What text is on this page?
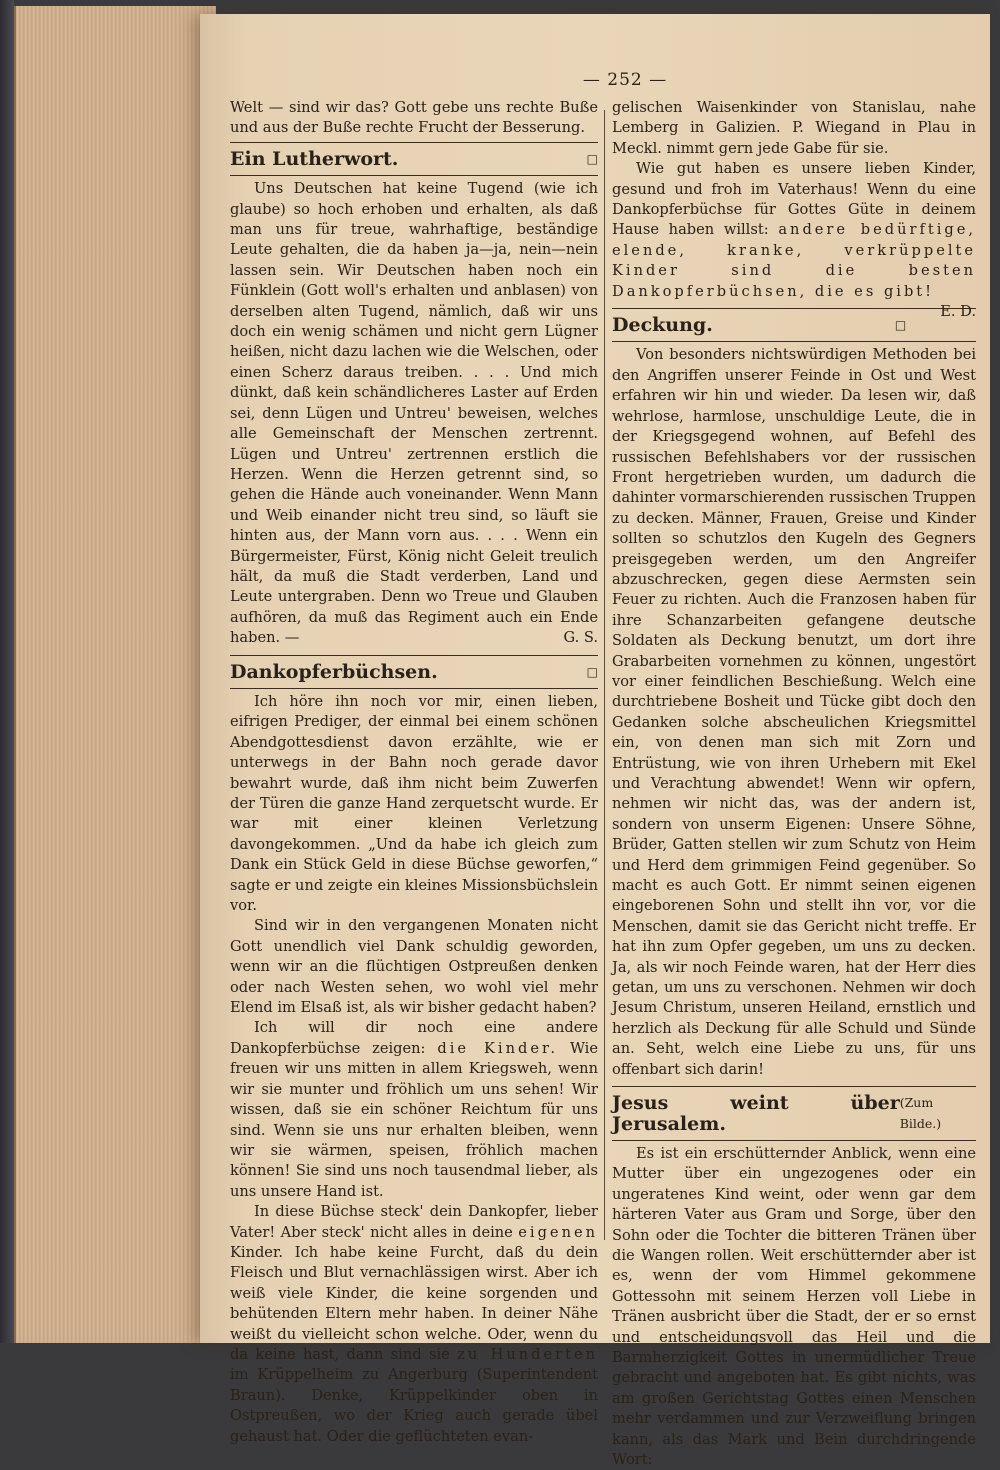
— 252 —

Welt — sind wir das? Gott gebe uns rechte Buße und aus der Buße rechte Frucht der Besserung.

Ein Lutherwort.	□

Uns Deutschen hat keine Tugend (wie ich glaube) so hoch erhoben und erhalten, als daß man uns für treue, wahrhaftige, beständige Leute gehalten, die da haben ja—ja, nein—nein lassen sein. Wir Deutschen haben noch ein Fünklein (Gott woll's erhalten und anblasen) von derselben alten Tugend, nämlich, daß wir uns doch ein wenig schämen und nicht gern Lügner heißen, nicht dazu lachen wie die Welschen, oder einen Scherz daraus treiben. . . . Und mich dünkt, daß kein schändlicheres Laster auf Erden sei, denn Lügen und Untreu' beweisen, welches alle Gemeinschaft der Menschen zertrennt. Lügen und Untreu' zertrennen erstlich die Herzen. Wenn die Herzen getrennt sind, so gehen die Hände auch voneinander. Wenn Mann und Weib einander nicht treu sind, so läuft sie hinten aus, der Mann vorn aus. . . . Wenn ein Bürgermeister, Fürst, König nicht Geleit treulich hält, da muß die Stadt verderben, Land und Leute untergraben. Denn wo Treue und Glauben aufhören, da muß das Regiment auch ein Ende haben. —	G. S.

Dankopferbüchsen.	□

Ich höre ihn noch vor mir, einen lieben, eifrigen Prediger, der einmal bei einem schönen Abendgottesdienst davon erzählte, wie er unterwegs in der Bahn noch gerade davor bewahrt wurde, daß ihm nicht beim Zuwerfen der Türen die ganze Hand zerquetscht wurde. Er war mit einer kleinen Verletzung davongekommen. „Und da habe ich gleich zum Dank ein Stück Geld in diese Büchse geworfen,“ sagte er und zeigte ein kleines Missionsbüchslein vor.

Sind wir in den vergangenen Monaten nicht Gott unendlich viel Dank schuldig geworden, wenn wir an die flüchtigen Ostpreußen denken oder nach Westen sehen, wo wohl viel mehr Elend im Elsaß ist, als wir bisher gedacht haben?

Ich will dir noch eine andere Dankopferbüchse zeigen: die Kinder. Wie freuen wir uns mitten in allem Kriegsweh, wenn wir sie munter und fröhlich um uns sehen! Wir wissen, daß sie ein schöner Reichtum für uns sind. Wenn sie uns nur erhalten bleiben, wenn wir sie wärmen, speisen, fröhlich machen können! Sie sind uns noch tausendmal lieber, als uns unsere Hand ist.

In diese Büchse steck' dein Dankopfer, lieber Vater! Aber steck' nicht alles in deine eigenen Kinder. Ich habe keine Furcht, daß du dein Fleisch und Blut vernachlässigen wirst. Aber ich weiß viele Kinder, die keine sorgenden und behütenden Eltern mehr haben. In deiner Nähe weißt du vielleicht schon welche. Oder, wenn du da keine hast, dann sind sie zu Hunderten im Krüppelheim zu Angerburg (Superintendent Braun). Denke, Krüppelkinder oben in Ostpreußen, wo der Krieg auch gerade übel gehaust hat. Oder die geflüchteten evan-

gelischen Waisenkinder von Stanislau, nahe Lemberg in Galizien. P. Wiegand in Plau in Meckl. nimmt gern jede Gabe für sie.

Wie gut haben es unsere lieben Kinder, gesund und froh im Vaterhaus! Wenn du eine Dankopferbüchse für Gottes Güte in deinem Hause haben willst: andere bedürftige, elende, kranke, verkrüppelte Kinder sind die besten Dankopferbüchsen, die es gibt!
E. D.

Deckung.	□

Von besonders nichtswürdigen Methoden bei den Angriffen unserer Feinde in Ost und West erfahren wir hin und wieder. Da lesen wir, daß wehrlose, harmlose, unschuldige Leute, die in der Kriegsgegend wohnen, auf Befehl des russischen Befehlshabers vor der russischen Front hergetrieben wurden, um dadurch die dahinter vormarschierenden russischen Truppen zu decken. Männer, Frauen, Greise und Kinder sollten so schutzlos den Kugeln des Gegners preisgegeben werden, um den Angreifer abzuschrecken, gegen diese Aermsten sein Feuer zu richten. Auch die Franzosen haben für ihre Schanzarbeiten gefangene deutsche Soldaten als Deckung benutzt, um dort ihre Grabarbeiten vornehmen zu können, ungestört vor einer feindlichen Beschießung. Welch eine durchtriebene Bosheit und Tücke gibt doch den Gedanken solche abscheulichen Kriegsmittel ein, von denen man sich mit Zorn und Entrüstung, wie von ihren Urhebern mit Ekel und Verachtung abwendet! Wenn wir opfern, nehmen wir nicht das, was der andern ist, sondern von unserm Eigenen: Unsere Söhne, Brüder, Gatten stellen wir zum Schutz von Heim und Herd dem grimmigen Feind gegenüber. So macht es auch Gott. Er nimmt seinen eigenen eingeborenen Sohn und stellt ihn vor, vor die Menschen, damit sie das Gericht nicht treffe. Er hat ihn zum Opfer gegeben, um uns zu decken. Ja, als wir noch Feinde waren, hat der Herr dies getan, um uns zu verschonen. Nehmen wir doch Jesum Christum, unseren Heiland, ernstlich und herzlich als Deckung für alle Schuld und Sünde an. Seht, welch eine Liebe zu uns, für uns offenbart sich darin!

Jesus weint über Jerusalem.
(Zum Bilde.)

Es ist ein erschütternder Anblick, wenn eine Mutter über ein ungezogenes oder ein ungeratenes Kind weint, oder wenn gar dem härteren Vater aus Gram und Sorge, über den Sohn oder die Tochter die bitteren Tränen über die Wangen rollen. Weit erschütternder aber ist es, wenn der vom Himmel gekommene Gottessohn mit seinem Herzen voll Liebe in Tränen ausbricht über die Stadt, der er so ernst und entscheidungsvoll das Heil und die Barmherzigkeit Gottes in unermüdlicher Treue gebracht und angeboten hat. Es gibt nichts, was am großen Gerichtstag Gottes einen Menschen mehr verdammen und zur Verzweiflung bringen kann, als das Mark und Bein durchdringende Wort:
